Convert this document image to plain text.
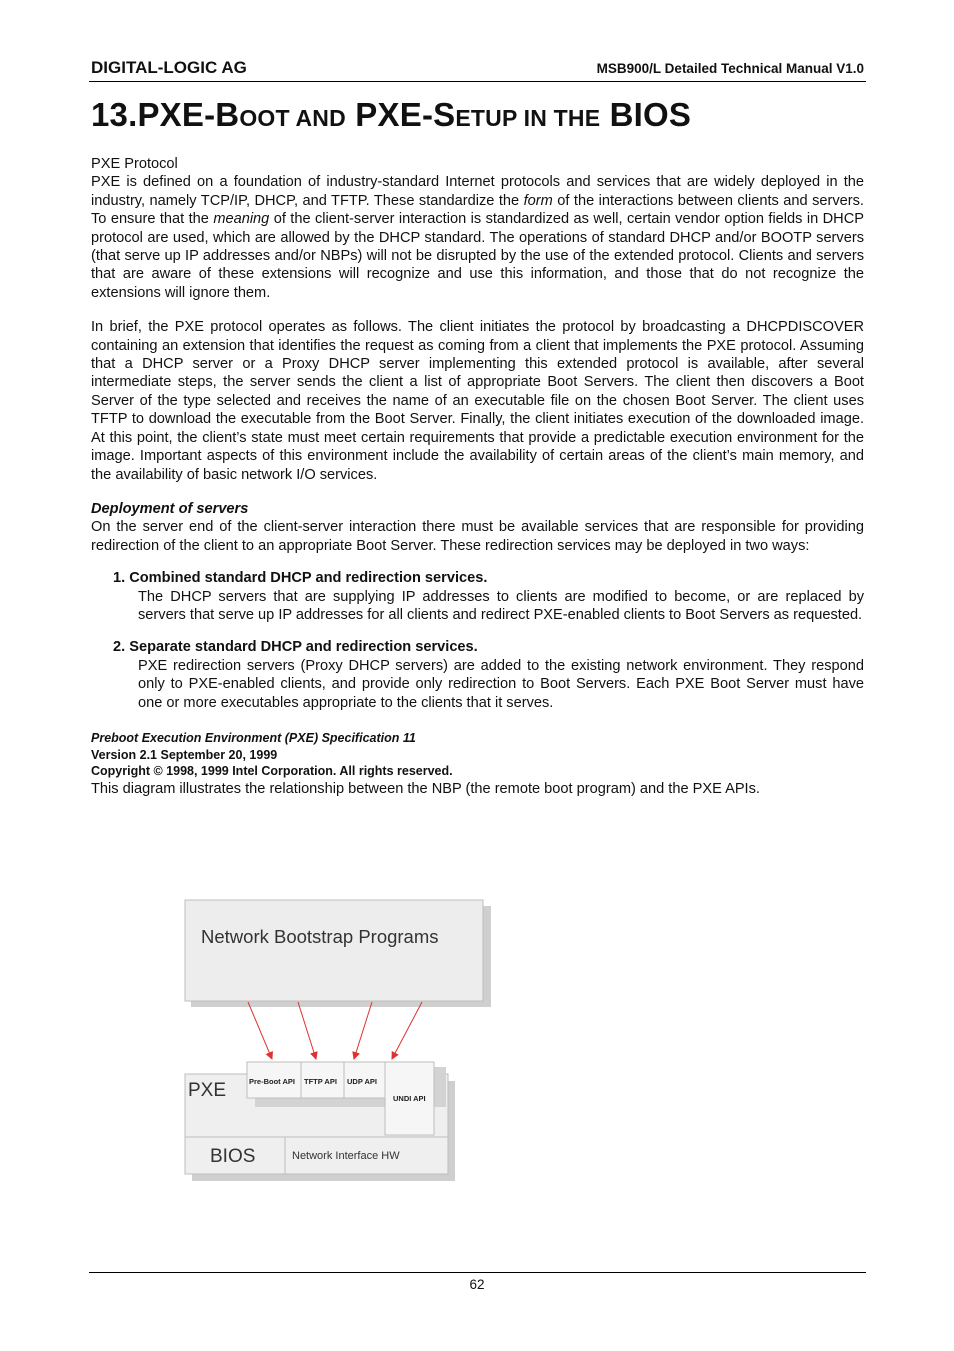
DIGITAL-LOGIC AG	MSB900/L Detailed Technical Manual V1.0
13.PXE-BOOT AND PXE-SETUP IN THE BIOS

PXE Protocol

PXE is defined on a foundation of industry-standard Internet protocols and services that are widely deployed in the industry, namely TCP/IP, DHCP, and TFTP. These standardize the form of the interactions between clients and servers. To ensure that the meaning of the client-server interaction is standardized as well, certain vendor option fields in DHCP protocol are used, which are allowed by the DHCP standard. The operations of standard DHCP and/or BOOTP servers (that serve up IP addresses and/or NBPs) will not be disrupted by the use of the extended protocol. Clients and servers that are aware of these extensions will recognize and use this information, and those that do not recognize the extensions will ignore them.

In brief, the PXE protocol operates as follows. The client initiates the protocol by broadcasting a DHCPDISCOVER containing an extension that identifies the request as coming from a client that implements the PXE protocol. Assuming that a DHCP server or a Proxy DHCP server implementing this extended protocol is available, after several intermediate steps, the server sends the client a list of appropriate Boot Servers. The client then discovers a Boot Server of the type selected and receives the name of an executable file on the chosen Boot Server. The client uses TFTP to download the executable from the Boot Server. Finally, the client initiates execution of the downloaded image. At this point, the client’s state must meet certain requirements that provide a predictable execution environment for the image. Important aspects of this environment include the availability of certain areas of the client’s main memory, and the availability of basic network I/O services.

Deployment of servers

On the server end of the client-server interaction there must be available services that are responsible for providing redirection of the client to an appropriate Boot Server. These redirection services may be deployed in two ways:

1. Combined standard DHCP and redirection services.
The DHCP servers that are supplying IP addresses to clients are modified to become, or are replaced by servers that serve up IP addresses for all clients and redirect PXE-enabled clients to Boot Servers as requested.
2. Separate standard DHCP and redirection services.
PXE redirection servers (Proxy DHCP servers) are added to the existing network environment. They respond only to PXE-enabled clients, and provide only redirection to Boot Servers. Each PXE Boot Server must have one or more executables appropriate to the clients that it serves.
Preboot Execution Environment (PXE) Specification 11
Version 2.1 September 20, 1999
Copyright © 1998, 1999 Intel Corporation. All rights reserved.

This diagram illustrates the relationship between the NBP (the remote boot program) and the PXE APIs.

Network Bootstrap Programs
PXE
BIOS	Network Interface HW
Pre-Boot API TFTP API UDP API
UNDI API
62
